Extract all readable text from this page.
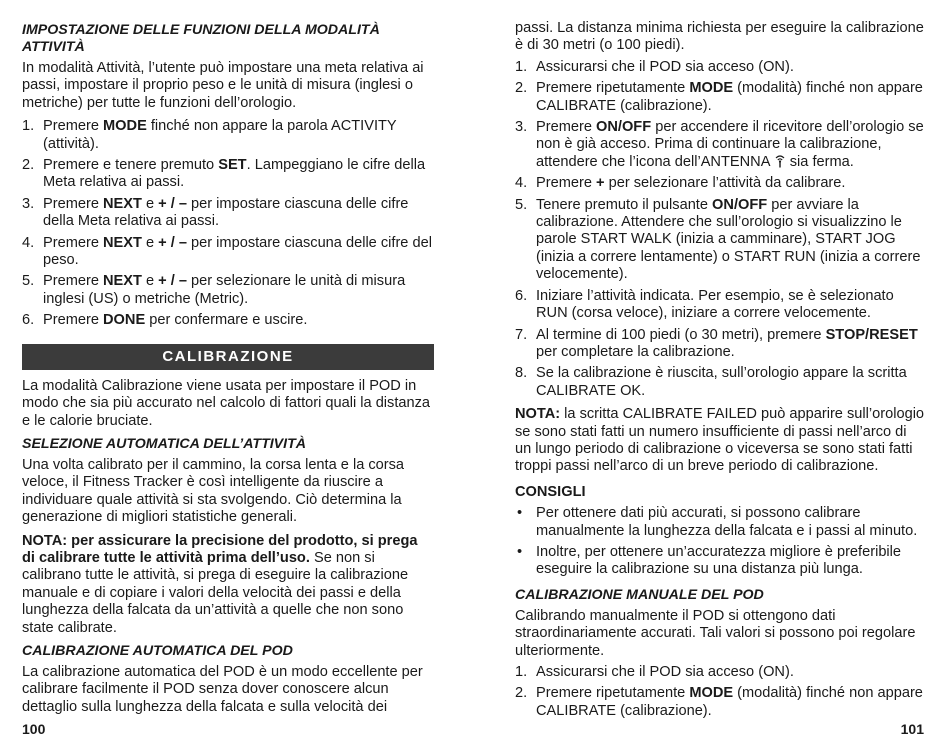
IMPOSTAZIONE DELLE FUNZIONI DELLA MODALITÀ ATTIVITÀ

In modalità Attività, l’utente può impostare una meta relativa ai passi, impostare il proprio peso e le unità di misura (inglesi o metriche) per tutte le funzioni dell’orologio.

1. Premere MODE finché non appare la parola ACTIVITY (attività).
2. Premere e tenere premuto SET. Lampeggiano le cifre della Meta relativa ai passi.
3. Premere NEXT e + / – per impostare ciascuna delle cifre della Meta relativa ai passi.
4. Premere NEXT e + / – per impostare ciascuna delle cifre del peso.
5. Premere NEXT e + / – per selezionare le unità di misura inglesi (US) o metriche (Metric).
6. Premere DONE per confermare e uscire.
CALIBRAZIONE

La modalità Calibrazione viene usata per impostare il POD in modo che sia più accurato nel calcolo di fattori quali la distanza e le calorie bruciate.

SELEZIONE AUTOMATICA DELL’ATTIVITÀ

Una volta calibrato per il cammino, la corsa lenta e la corsa veloce, il Fitness Tracker è così intelligente da riuscire a individuare quale attività si sta svolgendo. Ciò determina la generazione di migliori statistiche generali.

NOTA: per assicurare la precisione del prodotto, si prega di calibrare tutte le attività prima dell’uso. Se non si calibrano tutte le attività, si prega di eseguire la calibrazione manuale e di copiare i valori della velocità dei passi e della lunghezza della falcata da un’attività a quelle che non sono state calibrate.

CALIBRAZIONE AUTOMATICA DEL POD

La calibrazione automatica del POD è un modo eccellente per calibrare facilmente il POD senza dover conoscere alcun dettaglio sulla lunghezza della falcata e sulla velocità dei

passi. La distanza minima richiesta per eseguire la calibrazione è di 30 metri (o 100 piedi).

1. Assicurarsi che il POD sia acceso (ON).
2. Premere ripetutamente MODE (modalità) finché non appare CALIBRATE (calibrazione).
3. Premere ON/OFF per accendere il ricevitore dell’orologio se non è già acceso. Prima di continuare la calibrazione, attendere che l’icona dell’ANTENNA  sia ferma.
4. Premere + per selezionare l’attività da calibrare.
5. Tenere premuto il pulsante ON/OFF per avviare la calibrazione. Attendere che sull’orologio si visualizzino le parole START WALK (inizia a camminare), START JOG (inizia a correre lentamente) o START RUN (inizia a correre velocemente).
6. Iniziare l’attività indicata. Per esempio, se è selezionato RUN (corsa veloce), iniziare a correre velocemente.
7. Al termine di 100 piedi (o 30 metri), premere STOP/RESET per completare la calibrazione.
8. Se la calibrazione è riuscita, sull’orologio appare la scritta CALIBRATE OK.

NOTA: la scritta CALIBRATE FAILED può apparire sull’orologio se sono stati fatti un numero insufficiente di passi nell’arco di un lungo periodo di calibrazione o viceversa se sono stati fatti troppi passi nell’arco di un breve periodo di calibrazione.

CONSIGLI

• Per ottenere dati più accurati, si possono calibrare manualmente la lunghezza della falcata e i passi al minuto.
• Inoltre, per ottenere un’accuratezza migliore è preferibile eseguire la calibrazione su una distanza più lunga.

CALIBRAZIONE MANUALE DEL POD

Calibrando manualmente il POD si ottengono dati straordinariamente accurati. Tali valori si possono poi regolare ulteriormente.

1. Assicurarsi che il POD sia acceso (ON).
2. Premere ripetutamente MODE (modalità) finché non appare CALIBRATE (calibrazione).
100	101
